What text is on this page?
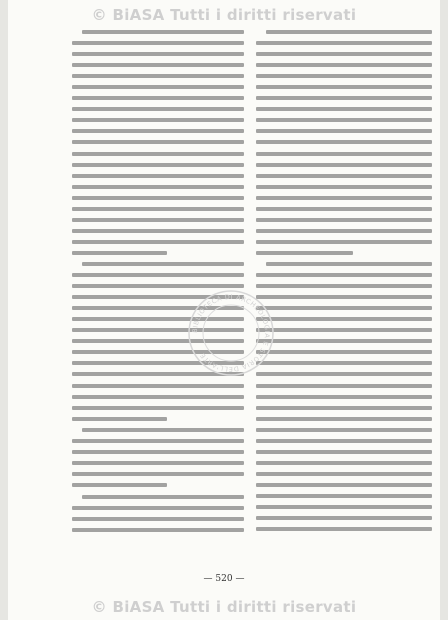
© BiASA Tutti i diritti riservati
BIBLIOTECA DI ARCHEOLOGIA E STORIA DELL'ARTE
— 520 —
© BiASA Tutti i diritti riservati
